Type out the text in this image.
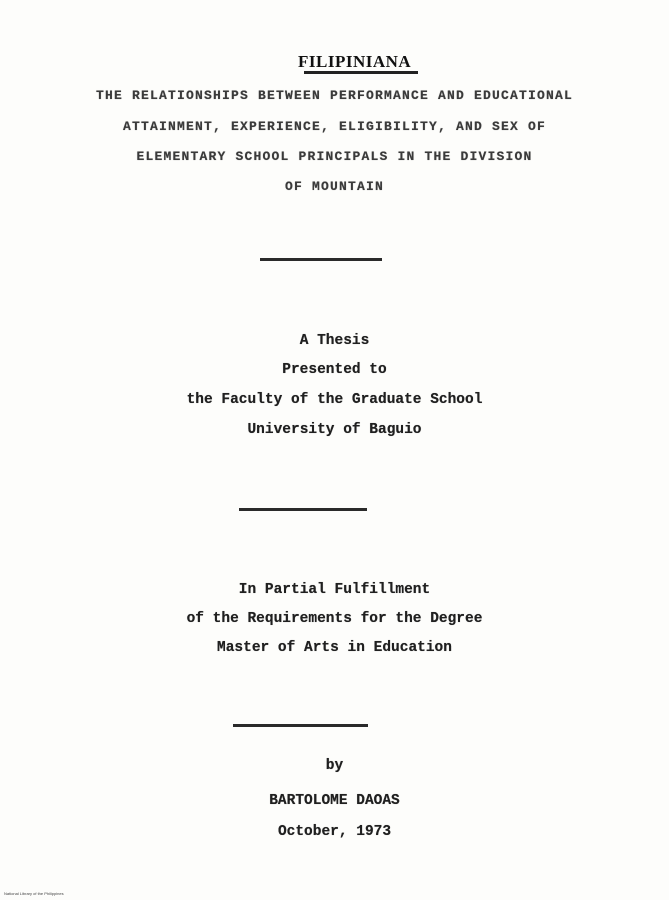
FILIPINIANA
THE RELATIONSHIPS BETWEEN PERFORMANCE AND EDUCATIONAL
ATTAINMENT, EXPERIENCE, ELIGIBILITY, AND SEX OF
ELEMENTARY SCHOOL PRINCIPALS IN THE DIVISION
OF MOUNTAIN
A Thesis
Presented to
the Faculty of the Graduate School
University of Baguio
In Partial Fulfillment
of the Requirements for the Degree
Master of Arts in Education
by
BARTOLOME DAOAS
October, 1973
National Library of the Philippines
